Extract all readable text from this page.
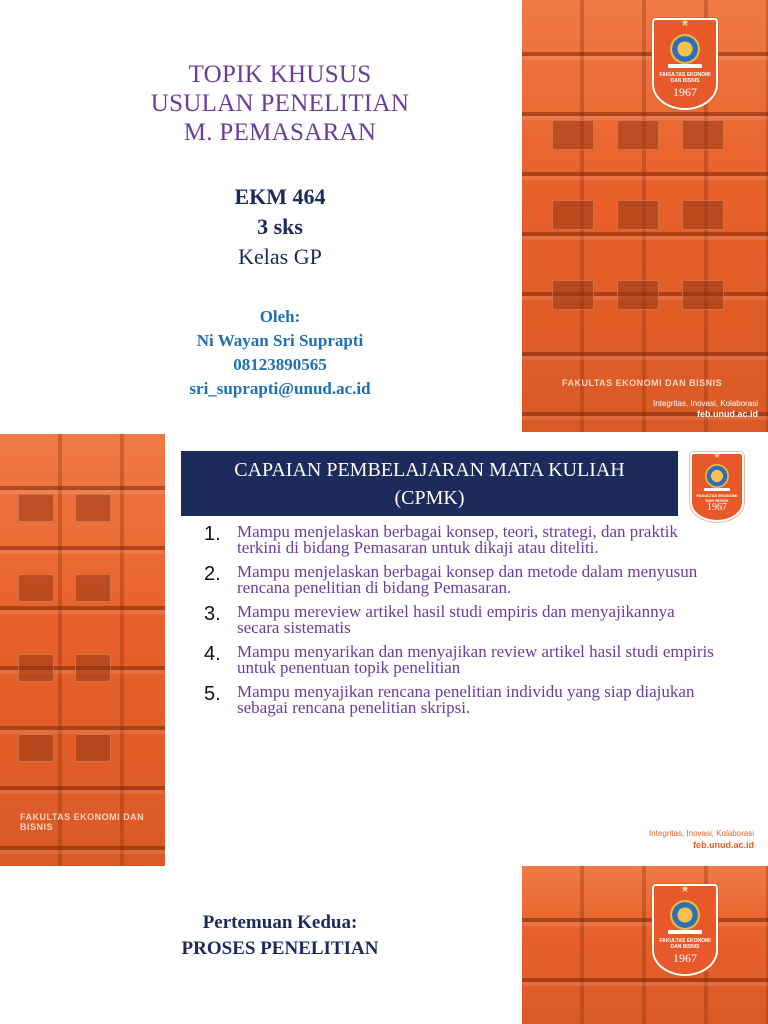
TOPIK KHUSUS
USULAN PENELITIAN
M. PEMASARAN
EKM 464
3 sks
Kelas GP
Oleh:
Ni Wayan Sri Suprapti
08123890565
sri_suprapti@unud.ac.id	FAKULTAS EKONOMI DAN BISNIS
Integritas, Inovasi, Kolaborasi
feb.unud.ac.id
★
FAKULTAS EKONOMI DAN BISNIS
1967
FAKULTAS EKONOMI DAN BISNIS
CAPAIAN PEMBELAJARAN MATA KULIAH
(CPMK)
★
FAKULTAS EKONOMI DAN BISNIS
1967
1. Mampu menjelaskan berbagai konsep, teori, strategi, dan praktik terkini di bidang Pemasaran untuk dikaji atau diteliti.
2. Mampu menjelaskan berbagai konsep dan metode dalam menyusun rencana penelitian di bidang Pemasaran.
3. Mampu mereview artikel hasil studi empiris dan menyajikannya secara sistematis
4. Mampu menyarikan dan menyajikan review artikel hasil studi empiris untuk penentuan topik penelitian
5. Mampu menyajikan rencana penelitian individu yang siap diajukan sebagai rencana penelitian skripsi.
Integritas, Inovasi, Kolaborasi
feb.unud.ac.id
Pertemuan Kedua:
PROSES PENELITIAN
★
FAKULTAS EKONOMI DAN BISNIS
1967
